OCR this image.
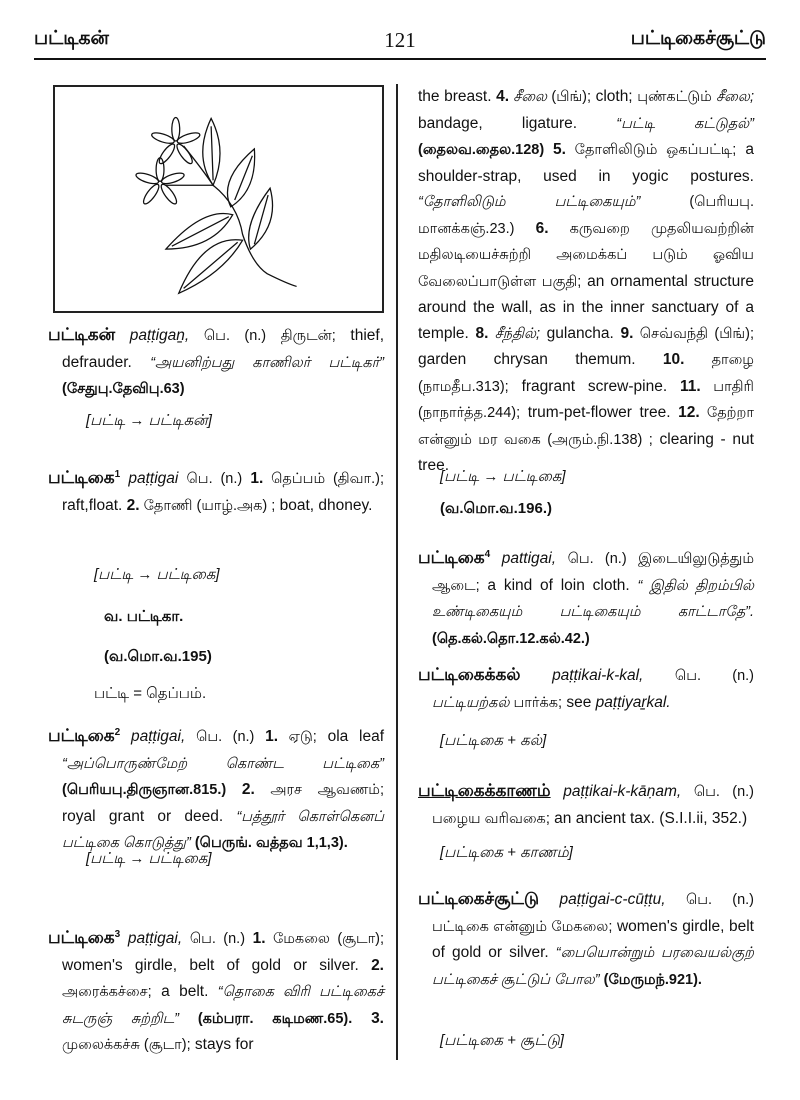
பட்டிகன்	121	பட்டிகைச்சூட்டு

பட்டிகன் paṭṭigaṉ, பெ. (n.) திருடன்; thief, defrauder. “அயனிற்பது காணிலர் பட்டிகர்” (சேதுபு.தேவிபு.63)

[பட்டி → பட்டிகன்]

பட்டிகை$^1$ paṭṭigai பெ. (n.) 1. தெப்பம் (திவா.); raft,float. 2. தோணி (யாழ்.அக) ; boat, dhoney.

[பட்டி → பட்டிகை]
வ. பட்டிகா.
(வ.மொ.வ.195)
பட்டி = தெப்பம்.

பட்டிகை$^2$ paṭṭigai, பெ. (n.) 1. ஏடு; ola leaf “அப்பொருண்மேற் கொண்ட பட்டிகை” (பெரியபு.திருஞான.815.) 2. அரச ஆவணம்; royal grant or deed. “பத்தூர் கொள்கெனப் பட்டிகை கொடுத்து” (பெருங். வத்தவ 1,1,3).

[பட்டி → பட்டிகை]

பட்டிகை$^3$ paṭṭigai, பெ. (n.) 1. மேகலை (சூடா); women's girdle, belt of gold or silver. 2. அரைக்கச்சை; a belt. “தொகை விரி பட்டிகைச் சுடருஞ் சுற்றிட” (கம்பரா. கடிமண.65). 3. முலைக்கச்சு (சூடா); stays for

the breast. 4. சீலை (பிங்); cloth; புண்கட்டும் சீலை; bandage, ligature. “பட்டி கட்டுதல்” (தைலவ.தைல.128) 5. தோளிலிடும் ஒகப்பட்டி; a shoulder-strap, used in yogic postures. “தோளிலிடும் பட்டிகையும்” (பெரியபு. மானக்கஞ்.23.) 6. கருவறை முதலியவற்றின் மதிலடியைச்சுற்றி அமைக்கப் படும் ஓவிய வேலைப்பாடுள்ள பகுதி; an ornamental structure around the wall, as in the inner sanctuary of a temple. 8. சீந்தில்; gulancha. 9. செவ்வந்தி (பிங்); garden chrysan themum. 10. தாழை (நாமதீப.313); fragrant screw-pine. 11. பாதிரி (நாநார்த்த.244); trum-pet-flower tree. 12. தேற்றா என்னும் மர வகை (அரும்.நி.138) ; clearing - nut tree.

[பட்டி → பட்டிகை]
(வ.மொ.வ.196.)

பட்டிகை$^4$ pattigai, பெ. (n.) இடையிலுடுத்தும் ஆடை; a kind of loin cloth. “ இதில் திறம்பில் உண்டிகையும் பட்டிகையும் காட்டாதே”. (தெ.கல்.தொ.12.கல்.42.)

பட்டிகைக்கல் paṭṭikai-k-kal, பெ. (n.) பட்டியற்கல் பார்க்க; see paṭṭiyaṟkal.

[பட்டிகை + கல்]

பட்டிகைக்காணம் paṭṭikai-k-kāṇam, பெ. (n.) பழைய வரிவகை; an ancient tax. (S.I.I.ii, 352.)

[பட்டிகை + காணம்]

பட்டிகைச்சூட்டு paṭṭigai-c-cūṭṭu, பெ. (n.) பட்டிகை என்னும் மேகலை; women's girdle, belt of gold or silver. “பையொன்றும் பரவையல்குற் பட்டிகைச் சூட்டுப் போல” (மேருமந்.921).

[பட்டிகை + சூட்டு]
